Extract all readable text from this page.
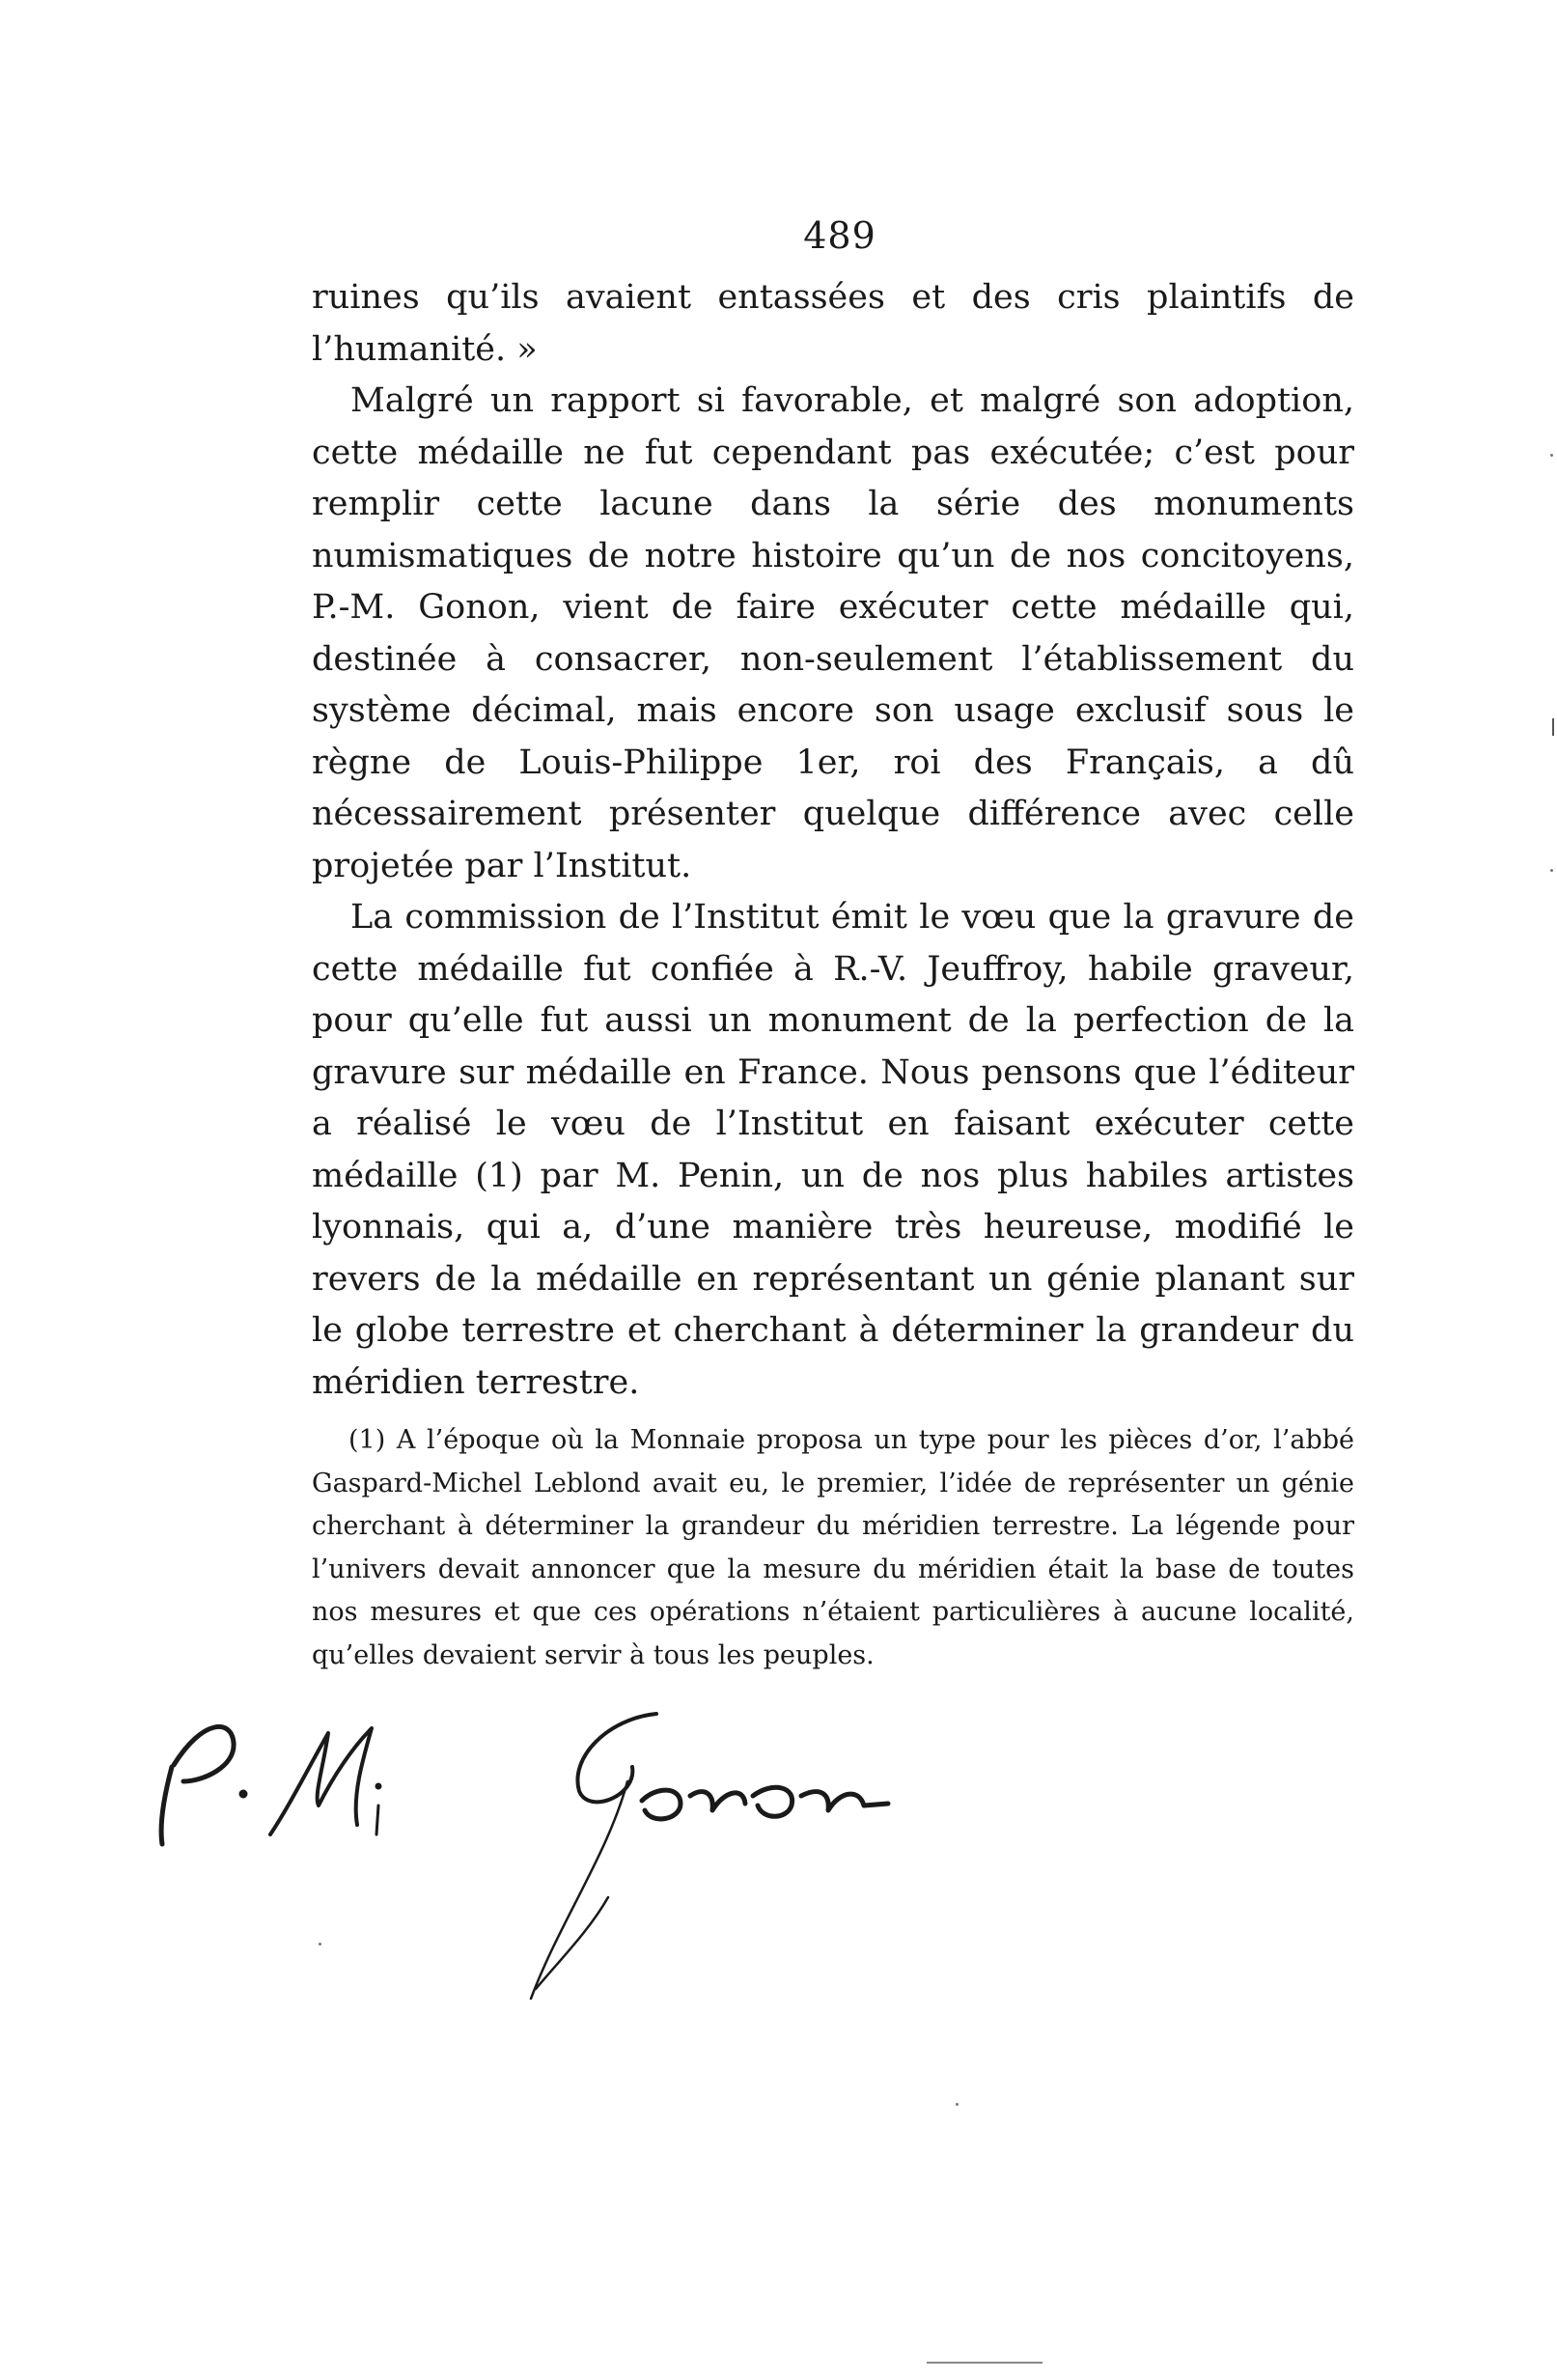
489

ruines qu’ils avaient entassées et des cris plaintifs de l’humanité. »

Malgré un rapport si favorable, et malgré son adoption, cette médaille ne fut cependant pas exécutée; c’est pour remplir cette lacune dans la série des monuments numismatiques de notre histoire qu’un de nos concitoyens, P.-M. Gonon, vient de faire exécuter cette médaille qui, destinée à consacrer, non-seulement l’établissement du système décimal, mais encore son usage exclusif sous le règne de Louis-Philippe 1er, roi des Français, a dû nécessairement présenter quelque différence avec celle projetée par l’Institut.

La commission de l’Institut émit le vœu que la gravure de cette médaille fut confiée à R.-V. Jeuffroy, habile graveur, pour qu’elle fut aussi un monument de la perfection de la gravure sur médaille en France. Nous pensons que l’éditeur a réalisé le vœu de l’Institut en faisant exécuter cette médaille (1) par M. Penin, un de nos plus habiles artistes lyonnais, qui a, d’une manière très heureuse, modifié le revers de la médaille en représentant un génie planant sur le globe terrestre et cherchant à déterminer la grandeur du méridien terrestre.

(1) A l’époque où la Monnaie proposa un type pour les pièces d’or, l’abbé Gaspard-Michel Leblond avait eu, le premier, l’idée de représenter un génie cherchant à déterminer la grandeur du méridien terrestre. La légende pour l’univers devait annoncer que la mesure du méridien était la base de toutes nos mesures et que ces opérations n’étaient particulières à aucune localité, qu’elles devaient servir à tous les peuples.
